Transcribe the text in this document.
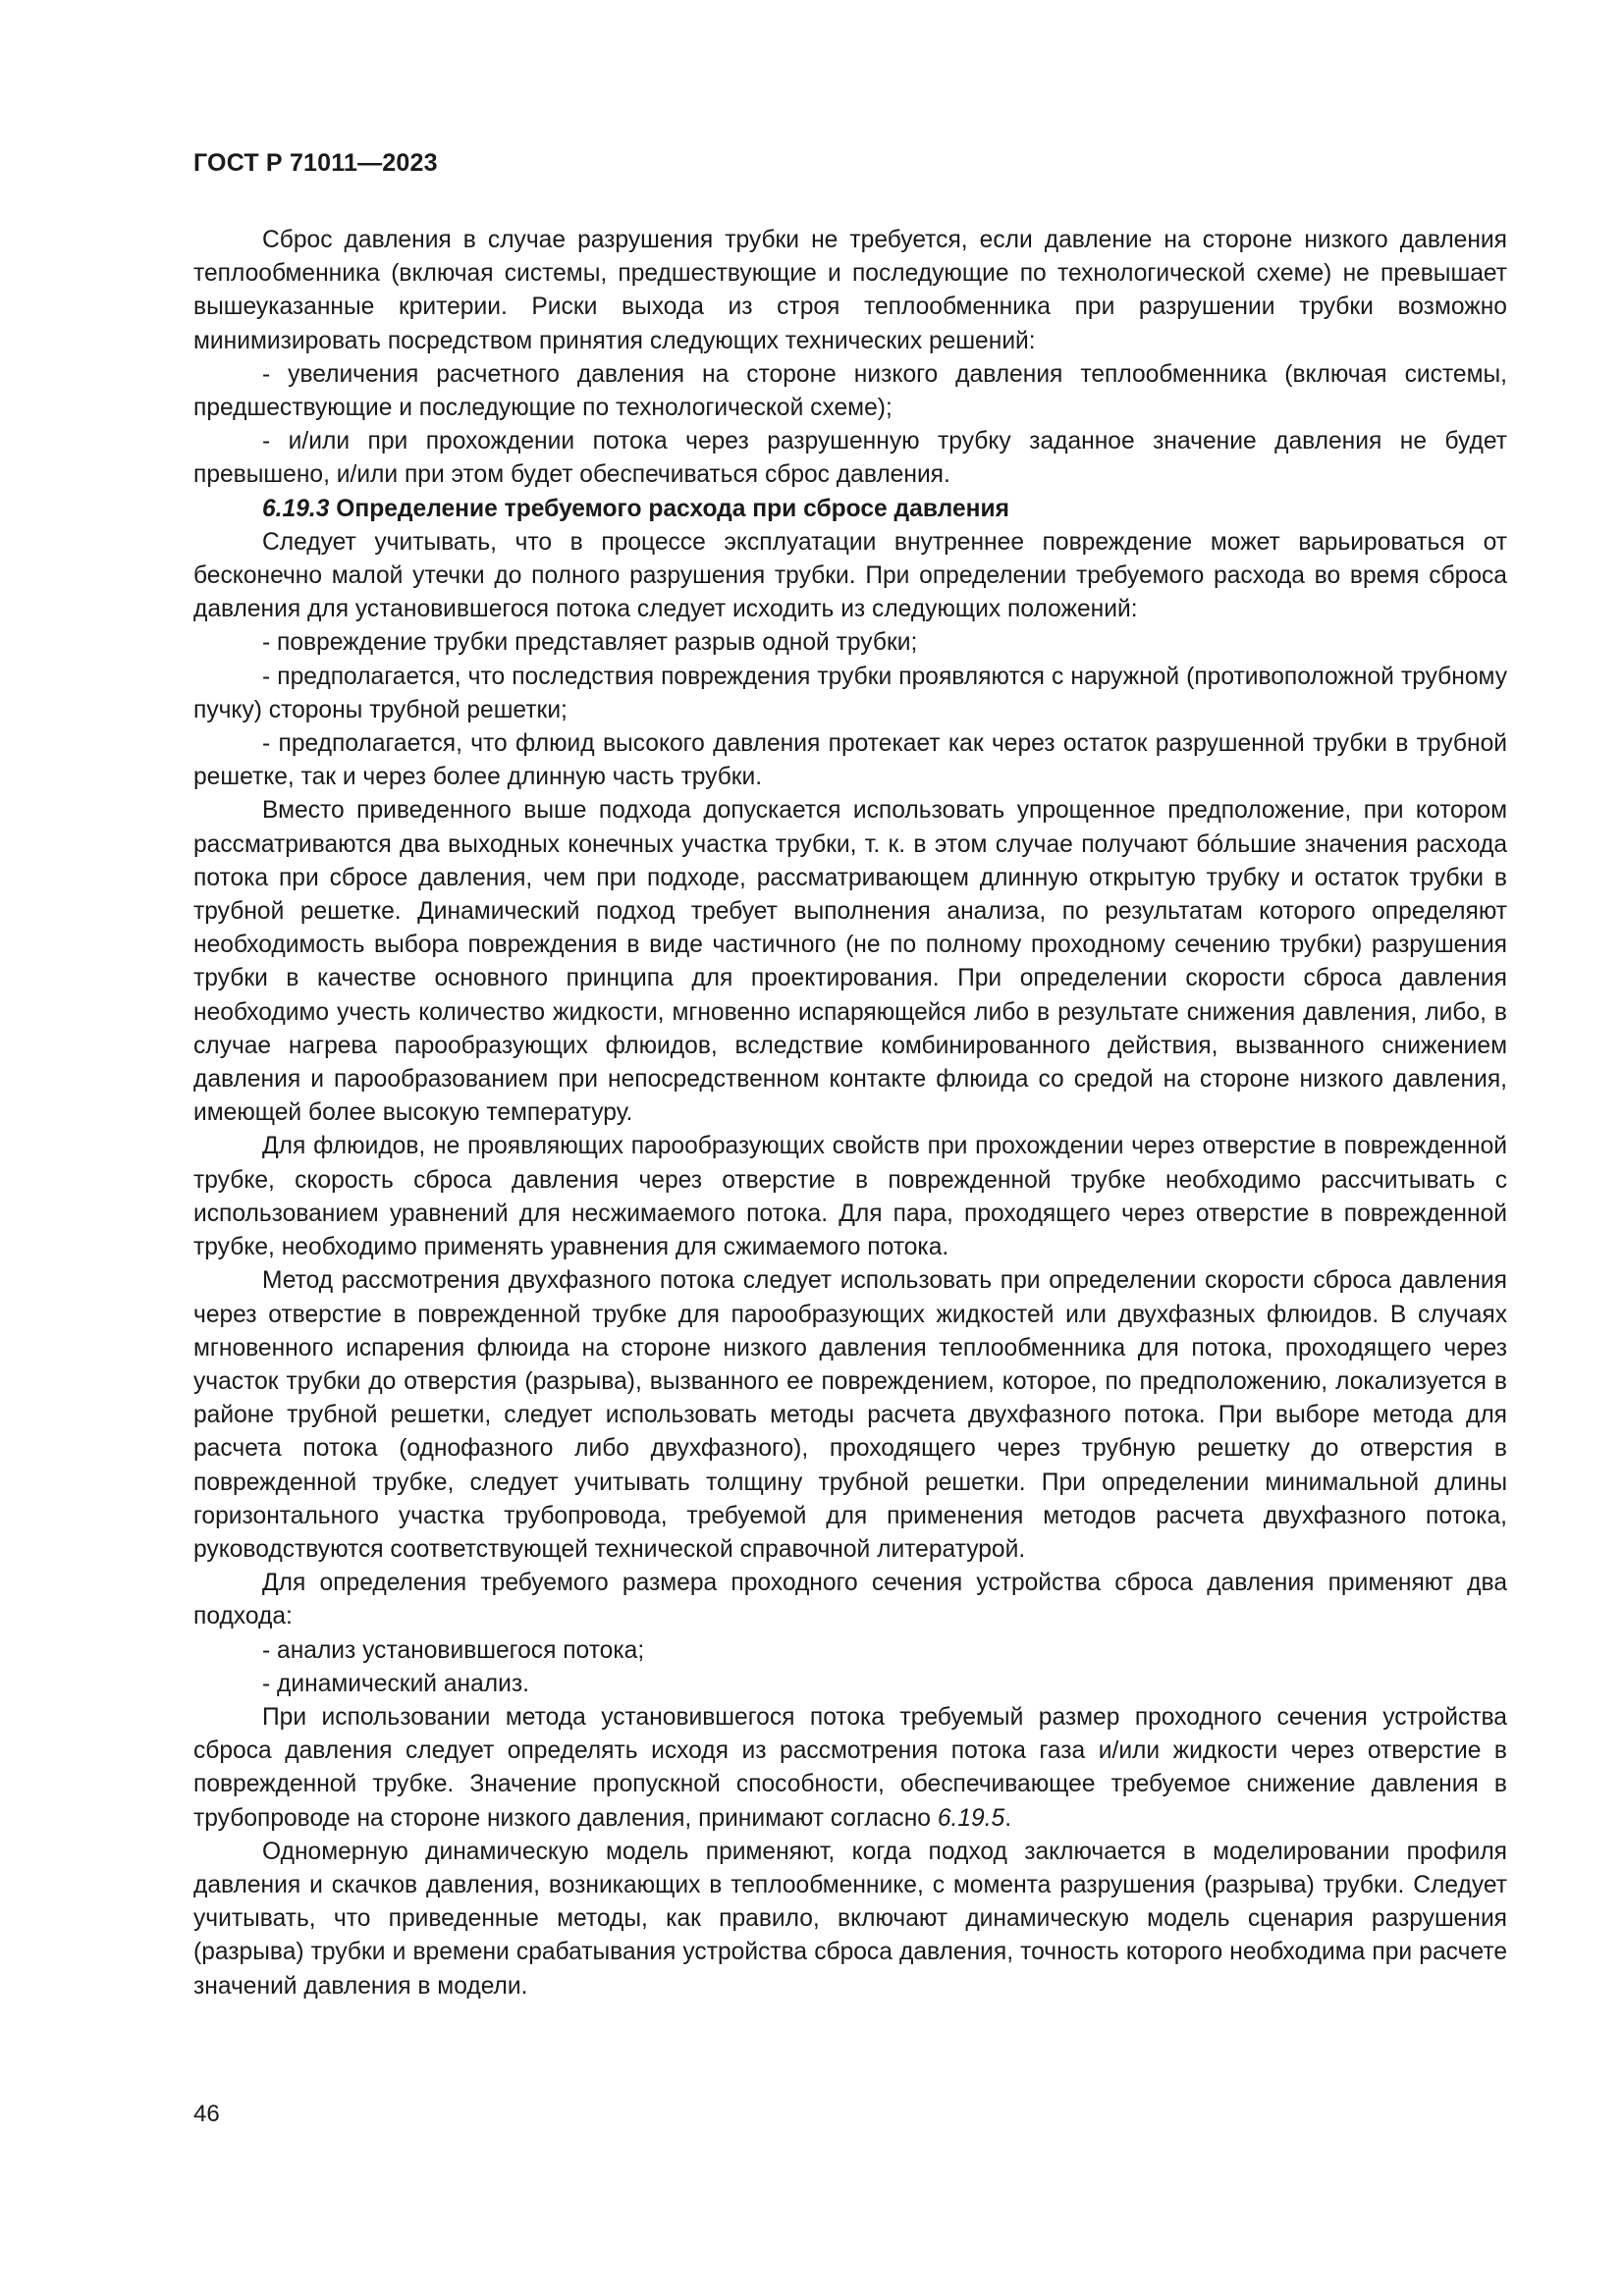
ГОСТ Р 71011—2023

Сброс давления в случае разрушения трубки не требуется, если давление на стороне низкого давления теплообменника (включая системы, предшествующие и последующие по технологической схеме) не превышает вышеуказанные критерии. Риски выхода из строя теплообменника при разрушении трубки возможно минимизировать посредством принятия следующих технических решений:

- увеличения расчетного давления на стороне низкого давления теплообменника (включая системы, предшествующие и последующие по технологической схеме);

- и/или при прохождении потока через разрушенную трубку заданное значение давления не будет превышено, и/или при этом будет обеспечиваться сброс давления.

6.19.3 Определение требуемого расхода при сбросе давления

Следует учитывать, что в процессе эксплуатации внутреннее повреждение может варьироваться от бесконечно малой утечки до полного разрушения трубки. При определении требуемого расхода во время сброса давления для установившегося потока следует исходить из следующих положений:

- повреждение трубки представляет разрыв одной трубки;

- предполагается, что последствия повреждения трубки проявляются с наружной (противоположной трубному пучку) стороны трубной решетки;

- предполагается, что флюид высокого давления протекает как через остаток разрушенной трубки в трубной решетке, так и через более длинную часть трубки.

Вместо приведенного выше подхода допускается использовать упрощенное предположение, при котором рассматриваются два выходных конечных участка трубки, т. к. в этом случае получают бóльшие значения расхода потока при сбросе давления, чем при подходе, рассматривающем длинную открытую трубку и остаток трубки в трубной решетке. Динамический подход требует выполнения анализа, по результатам которого определяют необходимость выбора повреждения в виде частичного (не по полному проходному сечению трубки) разрушения трубки в качестве основного принципа для проектирования. При определении скорости сброса давления необходимо учесть количество жидкости, мгновенно испаряющейся либо в результате снижения давления, либо, в случае нагрева парообразующих флюидов, вследствие комбинированного действия, вызванного снижением давления и парообразованием при непосредственном контакте флюида со средой на стороне низкого давления, имеющей более высокую температуру.

Для флюидов, не проявляющих парообразующих свойств при прохождении через отверстие в поврежденной трубке, скорость сброса давления через отверстие в поврежденной трубке необходимо рассчитывать с использованием уравнений для несжимаемого потока. Для пара, проходящего через отверстие в поврежденной трубке, необходимо применять уравнения для сжимаемого потока.

Метод рассмотрения двухфазного потока следует использовать при определении скорости сброса давления через отверстие в поврежденной трубке для парообразующих жидкостей или двухфазных флюидов. В случаях мгновенного испарения флюида на стороне низкого давления теплообменника для потока, проходящего через участок трубки до отверстия (разрыва), вызванного ее повреждением, которое, по предположению, локализуется в районе трубной решетки, следует использовать методы расчета двухфазного потока. При выборе метода для расчета потока (однофазного либо двухфазного), проходящего через трубную решетку до отверстия в поврежденной трубке, следует учитывать толщину трубной решетки. При определении минимальной длины горизонтального участка трубопровода, требуемой для применения методов расчета двухфазного потока, руководствуются соответствующей технической справочной литературой.

Для определения требуемого размера проходного сечения устройства сброса давления применяют два подхода:

- анализ установившегося потока;

- динамический анализ.

При использовании метода установившегося потока требуемый размер проходного сечения устройства сброса давления следует определять исходя из рассмотрения потока газа и/или жидкости через отверстие в поврежденной трубке. Значение пропускной способности, обеспечивающее требуемое снижение давления в трубопроводе на стороне низкого давления, принимают согласно 6.19.5.

Одномерную динамическую модель применяют, когда подход заключается в моделировании профиля давления и скачков давления, возникающих в теплообменнике, с момента разрушения (разрыва) трубки. Следует учитывать, что приведенные методы, как правило, включают динамическую модель сценария разрушения (разрыва) трубки и времени срабатывания устройства сброса давления, точность которого необходима при расчете значений давления в модели.

46
